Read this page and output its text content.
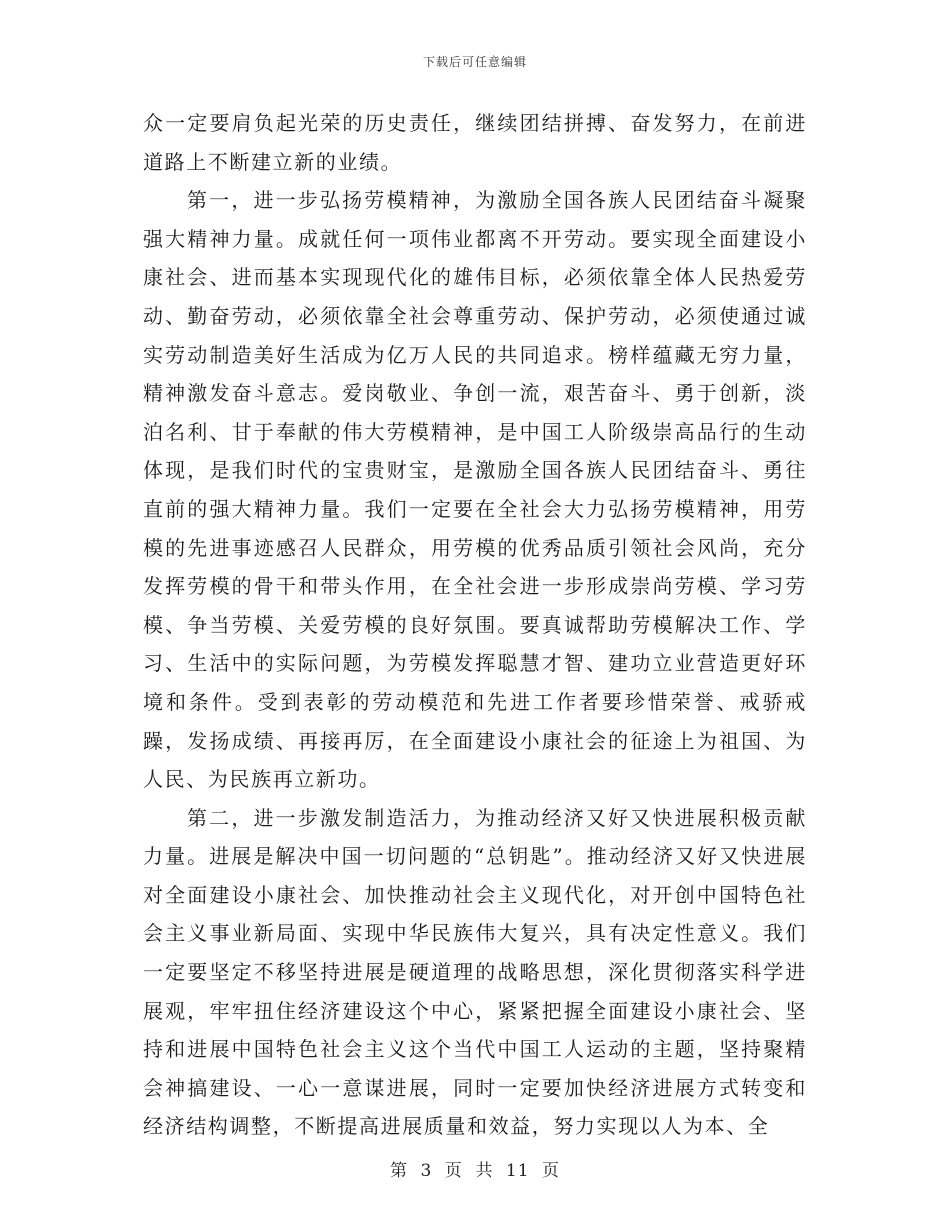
下载后可任意编辑

众一定要肩负起光荣的历史责任，继续团结拼搏、奋发努力，在前进道路上不断建立新的业绩。

第一，进一步弘扬劳模精神，为激励全国各族人民团结奋斗凝聚强大精神力量。成就任何一项伟业都离不开劳动。要实现全面建设小康社会、进而基本实现现代化的雄伟目标，必须依靠全体人民热爱劳动、勤奋劳动，必须依靠全社会尊重劳动、保护劳动，必须使通过诚实劳动制造美好生活成为亿万人民的共同追求。榜样蕴藏无穷力量，精神激发奋斗意志。爱岗敬业、争创一流，艰苦奋斗、勇于创新，淡泊名利、甘于奉献的伟大劳模精神，是中国工人阶级崇高品行的生动体现，是我们时代的宝贵财宝，是激励全国各族人民团结奋斗、勇往直前的强大精神力量。我们一定要在全社会大力弘扬劳模精神，用劳模的先进事迹感召人民群众，用劳模的优秀品质引领社会风尚，充分发挥劳模的骨干和带头作用，在全社会进一步形成崇尚劳模、学习劳模、争当劳模、关爱劳模的良好氛围。要真诚帮助劳模解决工作、学习、生活中的实际问题，为劳模发挥聪慧才智、建功立业营造更好环境和条件。受到表彰的劳动模范和先进工作者要珍惜荣誉、戒骄戒躁，发扬成绩、再接再厉，在全面建设小康社会的征途上为祖国、为人民、为民族再立新功。

第二，进一步激发制造活力，为推动经济又好又快进展积极贡献力量。进展是解决中国一切问题的“总钥匙”。推动经济又好又快进展对全面建设小康社会、加快推动社会主义现代化，对开创中国特色社会主义事业新局面、实现中华民族伟大复兴，具有决定性意义。我们一定要坚定不移坚持进展是硬道理的战略思想，深化贯彻落实科学进展观，牢牢扭住经济建设这个中心，紧紧把握全面建设小康社会、坚持和进展中国特色社会主义这个当代中国工人运动的主题，坚持聚精会神搞建设、一心一意谋进展，同时一定要加快经济进展方式转变和经济结构调整，不断提高进展质量和效益，努力实现以人为本、全

第 3 页  共 11 页
